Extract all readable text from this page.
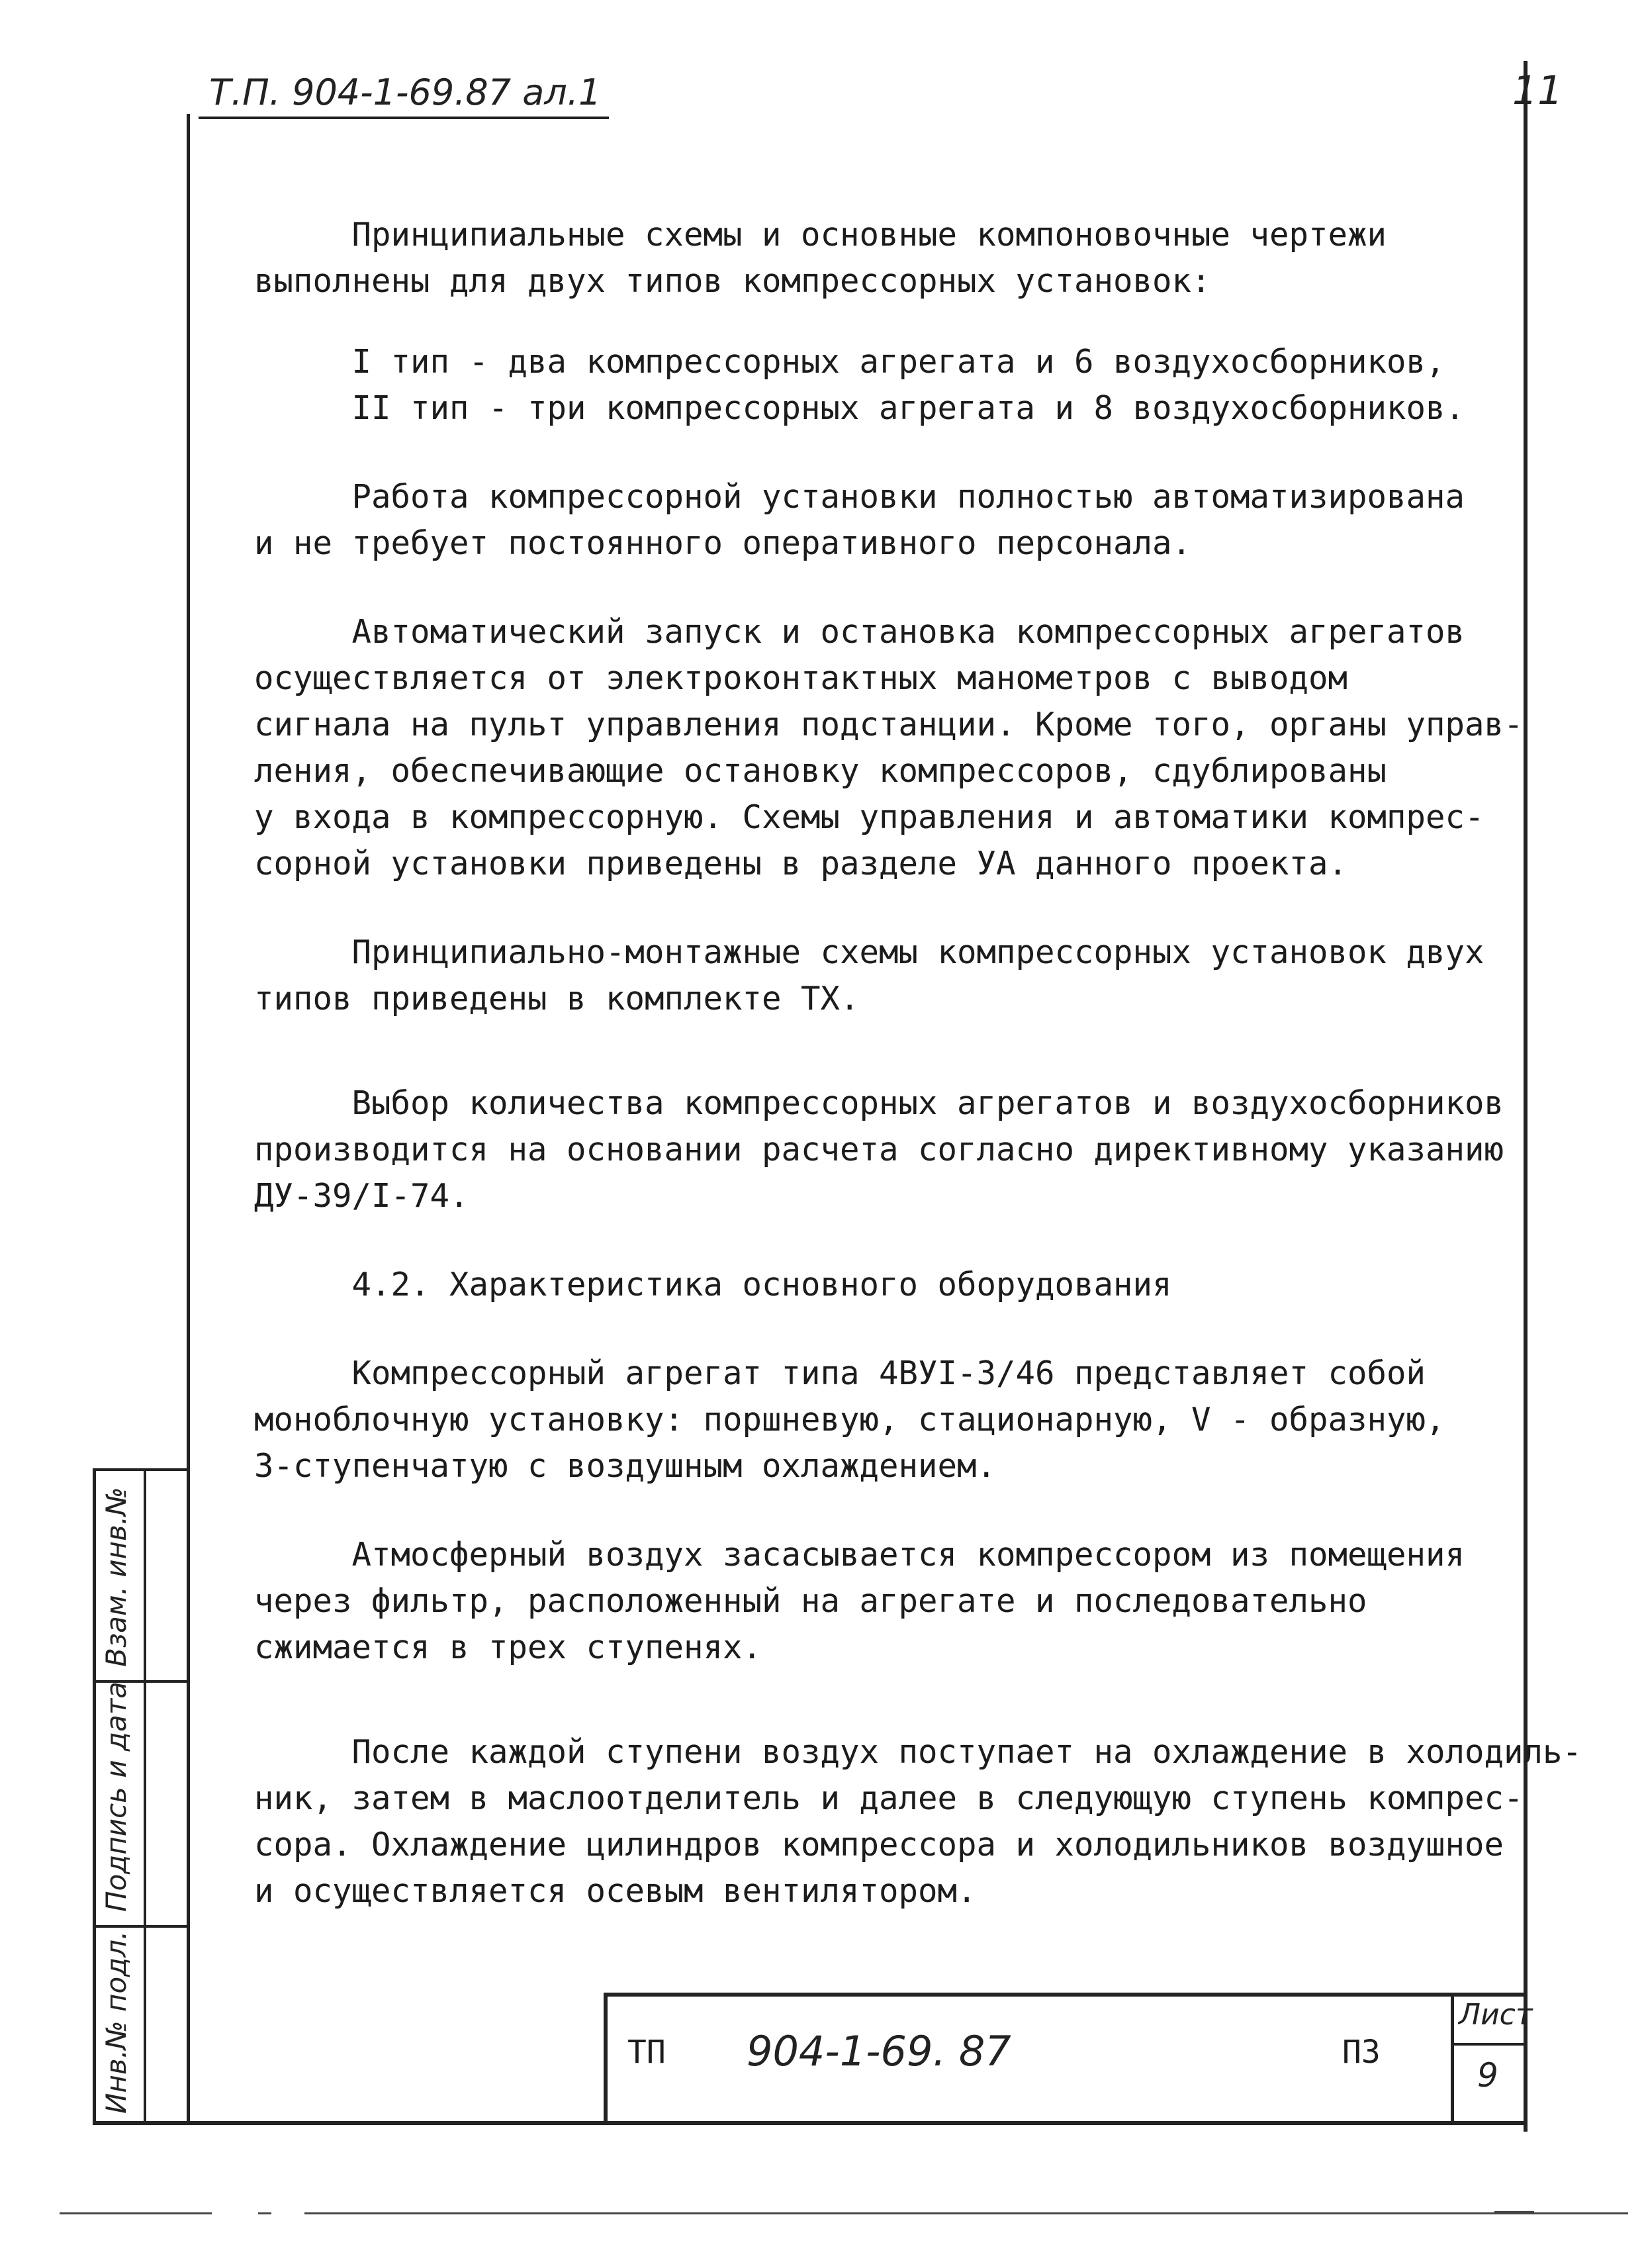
Т.П. 904-1-69.87 ал.1	11

Принципиальные схемы и основные компоновочные чертежи

выполнены для двух типов компрессорных установок:

I тип - два компрессорных агрегата и 6 воздухосборников,

II тип - три компрессорных агрегата и 8 воздухосборников.

Работа компрессорной установки полностью автоматизирована

и не требует постоянного оперативного персонала.

Автоматический запуск и остановка компрессорных агрегатов

осуществляется от электроконтактных манометров с выводом

сигнала на пульт управления подстанции. Кроме того, органы управ-

ления, обеспечивающие остановку компрессоров, сдублированы

у входа в компрессорную. Схемы управления и автоматики компрес-

сорной установки приведены в разделе УА данного проекта.

Принципиально-монтажные схемы компрессорных установок двух

типов приведены в комплекте ТХ.

Выбор количества компрессорных агрегатов и воздухосборников

производится на основании расчета согласно директивному указанию

ДУ-39/I-74.

4.2. Характеристика основного оборудования

Компрессорный агрегат типа 4ВУI-3/46 представляет собой

моноблочную установку: поршневую, стационарную, V - образную,

3-ступенчатую с воздушным охлаждением.

Атмосферный воздух засасывается компрессором из помещения

через фильтр, расположенный на агрегате и последовательно

сжимается в трех ступенях.

После каждой ступени воздух поступает на охлаждение в холодиль-

ник, затем в маслоотделитель и далее в следующую ступень компрес-

сора. Охлаждение цилиндров компрессора и холодильников воздушное

и осуществляется осевым вентилятором.

Взам. инв.№
Подпись и дата
Инв.№ подл.	ТП 904-1-69. 87	ПЗ
Лист
9
